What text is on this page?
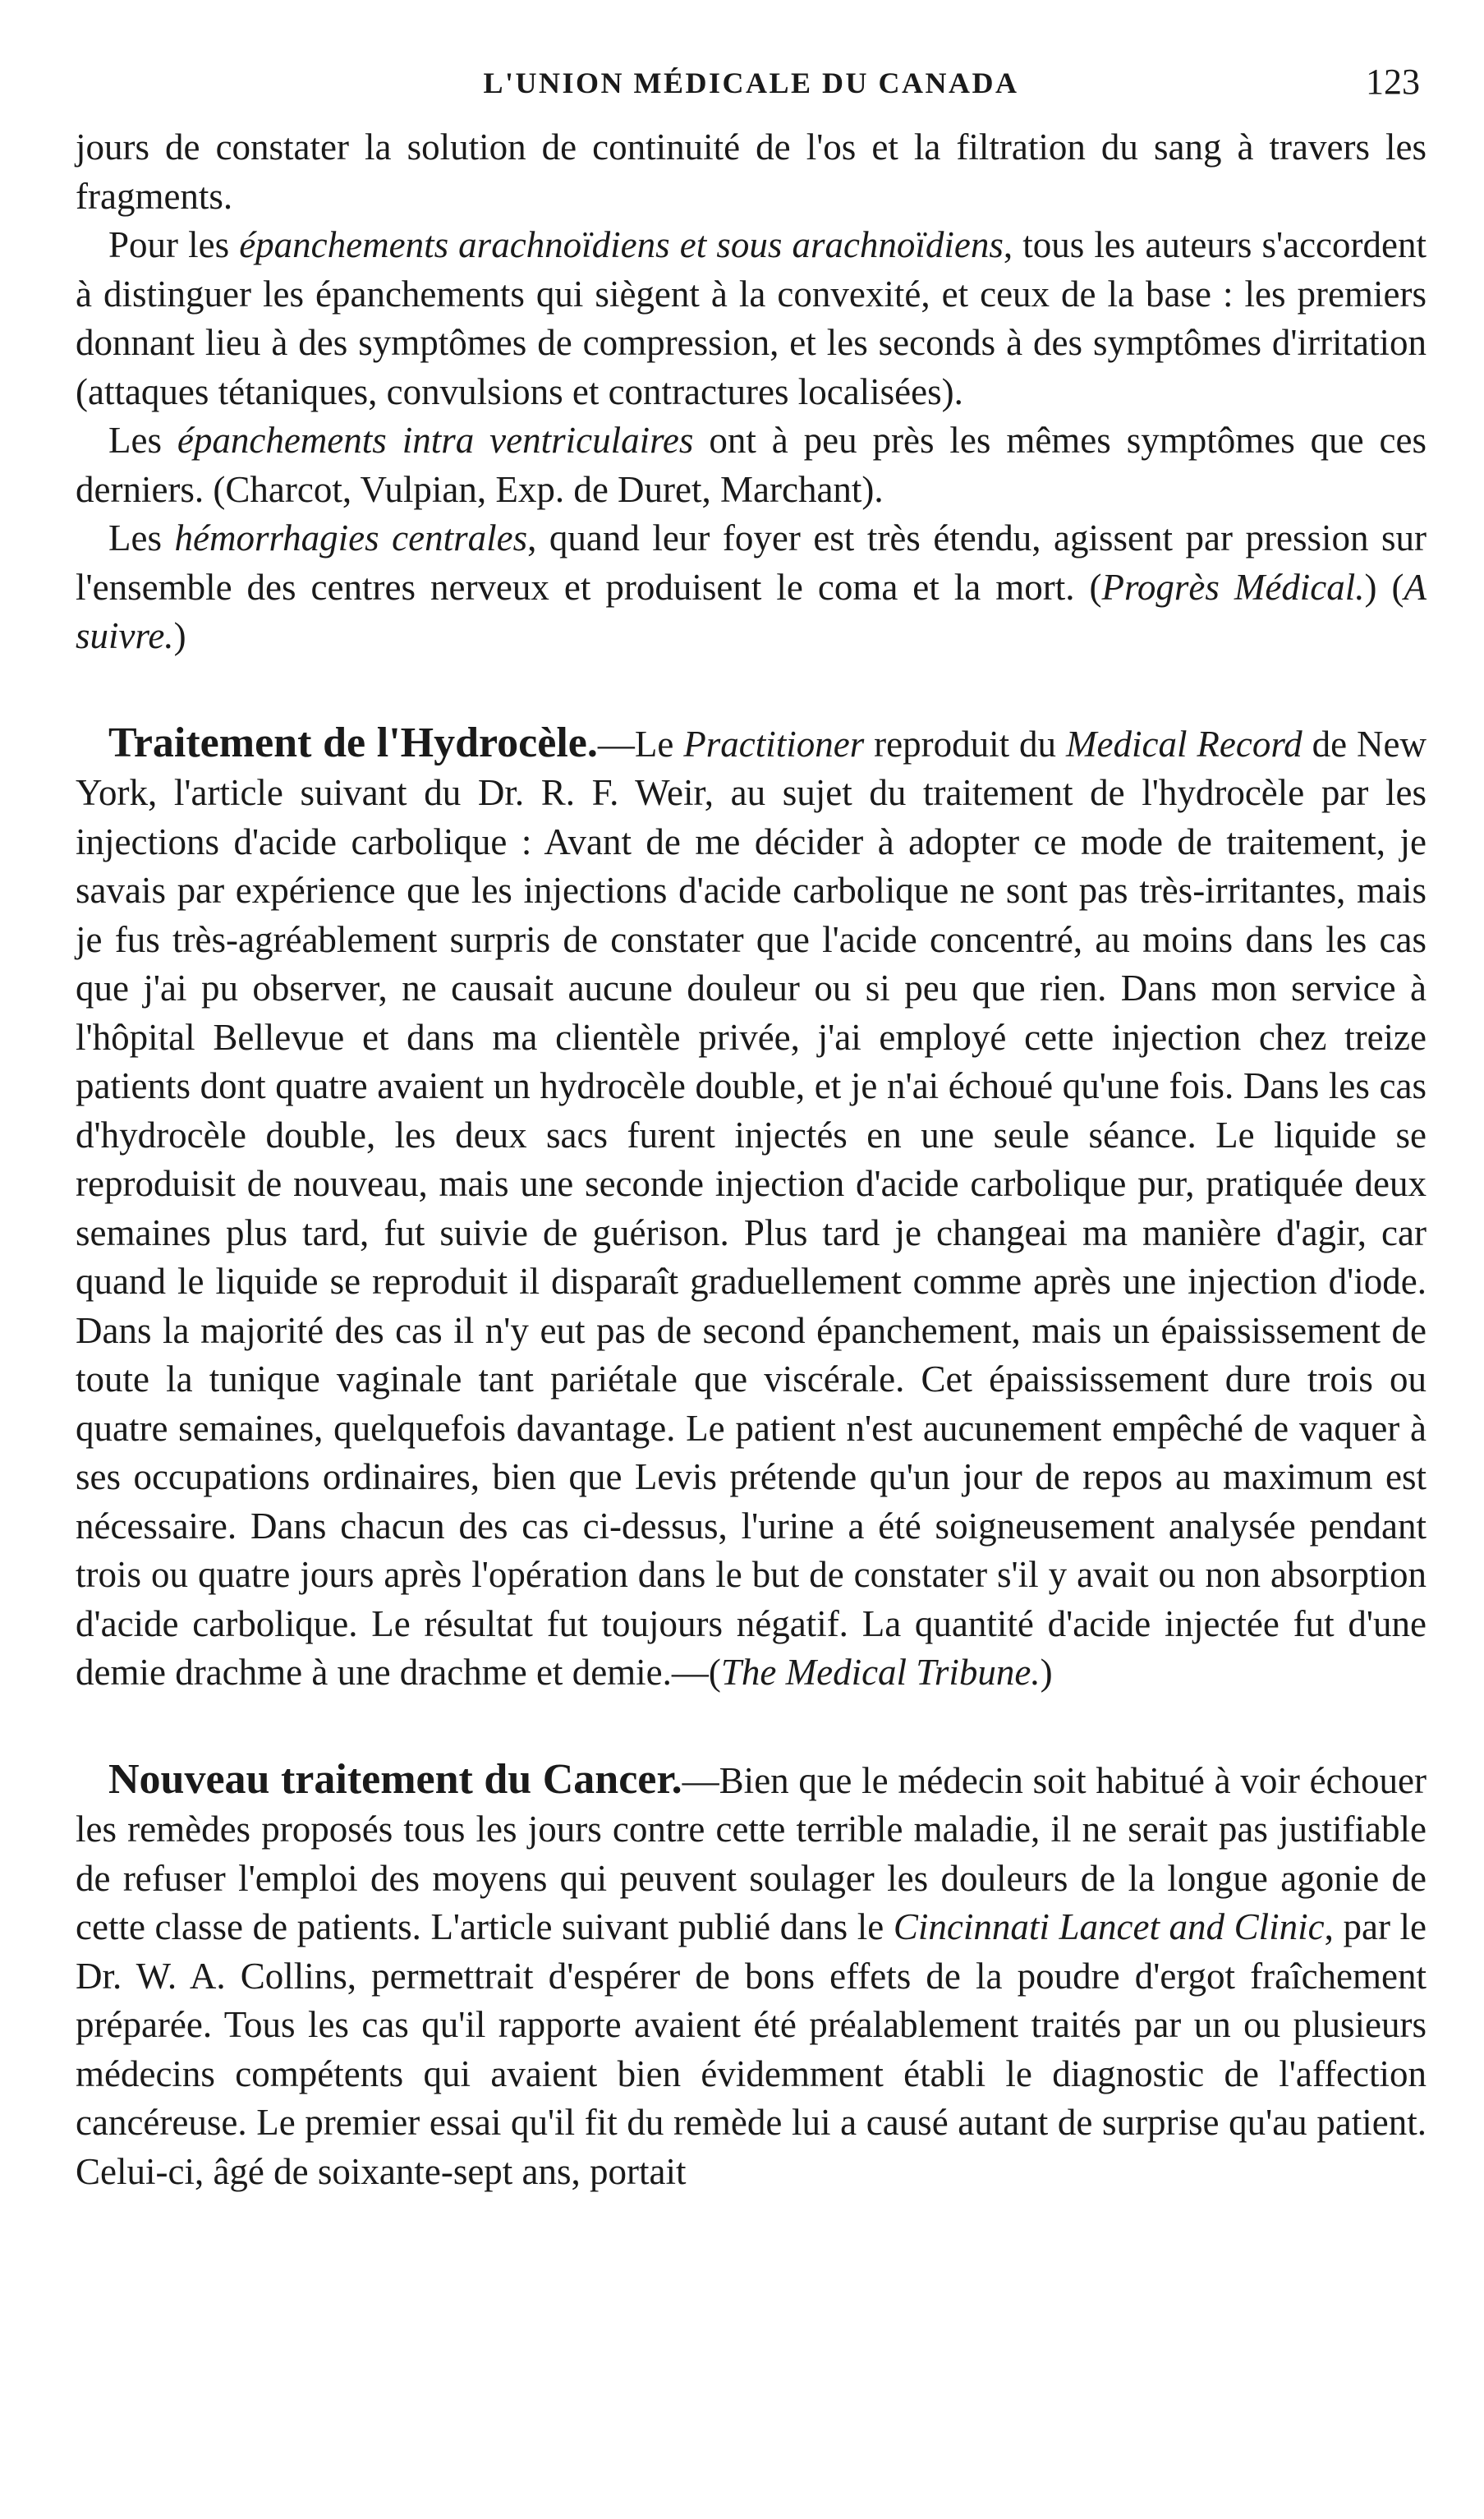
L'UNION MÉDICALE DU CANADA	123

jours de constater la solution de continuité de l'os et la filtration du sang à travers les fragments.

Pour les épanchements arachnoïdiens et sous arachnoïdiens, tous les auteurs s'accordent à distinguer les épanchements qui siègent à la convexité, et ceux de la base : les premiers donnant lieu à des symptômes de compression, et les seconds à des symptômes d'irritation (attaques tétaniques, convulsions et contractures localisées).

Les épanchements intra ventriculaires ont à peu près les mêmes symptômes que ces derniers. (Charcot, Vulpian, Exp. de Duret, Marchant).

Les hémorrhagies centrales, quand leur foyer est très étendu, agissent par pression sur l'ensemble des centres nerveux et produisent le coma et la mort. (Progrès Médical.) (A suivre.)

Traitement de l'Hydrocèle.—Le Practitioner reproduit du Medical Record de New York, l'article suivant du Dr. R. F. Weir, au sujet du traitement de l'hydrocèle par les injections d'acide carbolique : Avant de me décider à adopter ce mode de traitement, je savais par expérience que les injections d'acide carbolique ne sont pas très-irritantes, mais je fus très-agréablement surpris de constater que l'acide concentré, au moins dans les cas que j'ai pu observer, ne causait aucune douleur ou si peu que rien. Dans mon service à l'hôpital Bellevue et dans ma clientèle privée, j'ai employé cette injection chez treize patients dont quatre avaient un hydrocèle double, et je n'ai échoué qu'une fois. Dans les cas d'hydrocèle double, les deux sacs furent injectés en une seule séance. Le liquide se reproduisit de nouveau, mais une seconde injection d'acide carbolique pur, pratiquée deux semaines plus tard, fut suivie de guérison. Plus tard je changeai ma manière d'agir, car quand le liquide se reproduit il disparaît graduellement comme après une injection d'iode. Dans la majorité des cas il n'y eut pas de second épanchement, mais un épaississement de toute la tunique vaginale tant pariétale que viscérale. Cet épaississement dure trois ou quatre semaines, quelquefois davantage. Le patient n'est aucunement empêché de vaquer à ses occupations ordinaires, bien que Levis prétende qu'un jour de repos au maximum est nécessaire. Dans chacun des cas ci-dessus, l'urine a été soigneusement analysée pendant trois ou quatre jours après l'opération dans le but de constater s'il y avait ou non absorption d'acide carbolique. Le résultat fut toujours négatif. La quantité d'acide injectée fut d'une demie drachme à une drachme et demie.—(The Medical Tribune.)

Nouveau traitement du Cancer.—Bien que le médecin soit habitué à voir échouer les remèdes proposés tous les jours contre cette terrible maladie, il ne serait pas justifiable de refuser l'emploi des moyens qui peuvent soulager les douleurs de la longue agonie de cette classe de patients. L'article suivant publié dans le Cincinnati Lancet and Clinic, par le Dr. W. A. Collins, permettrait d'espérer de bons effets de la poudre d'ergot fraîchement préparée. Tous les cas qu'il rapporte avaient été préalablement traités par un ou plusieurs médecins compétents qui avaient bien évidemment établi le diagnostic de l'affection cancéreuse. Le premier essai qu'il fit du remède lui a causé autant de surprise qu'au patient. Celui-ci, âgé de soixante-sept ans, portait
